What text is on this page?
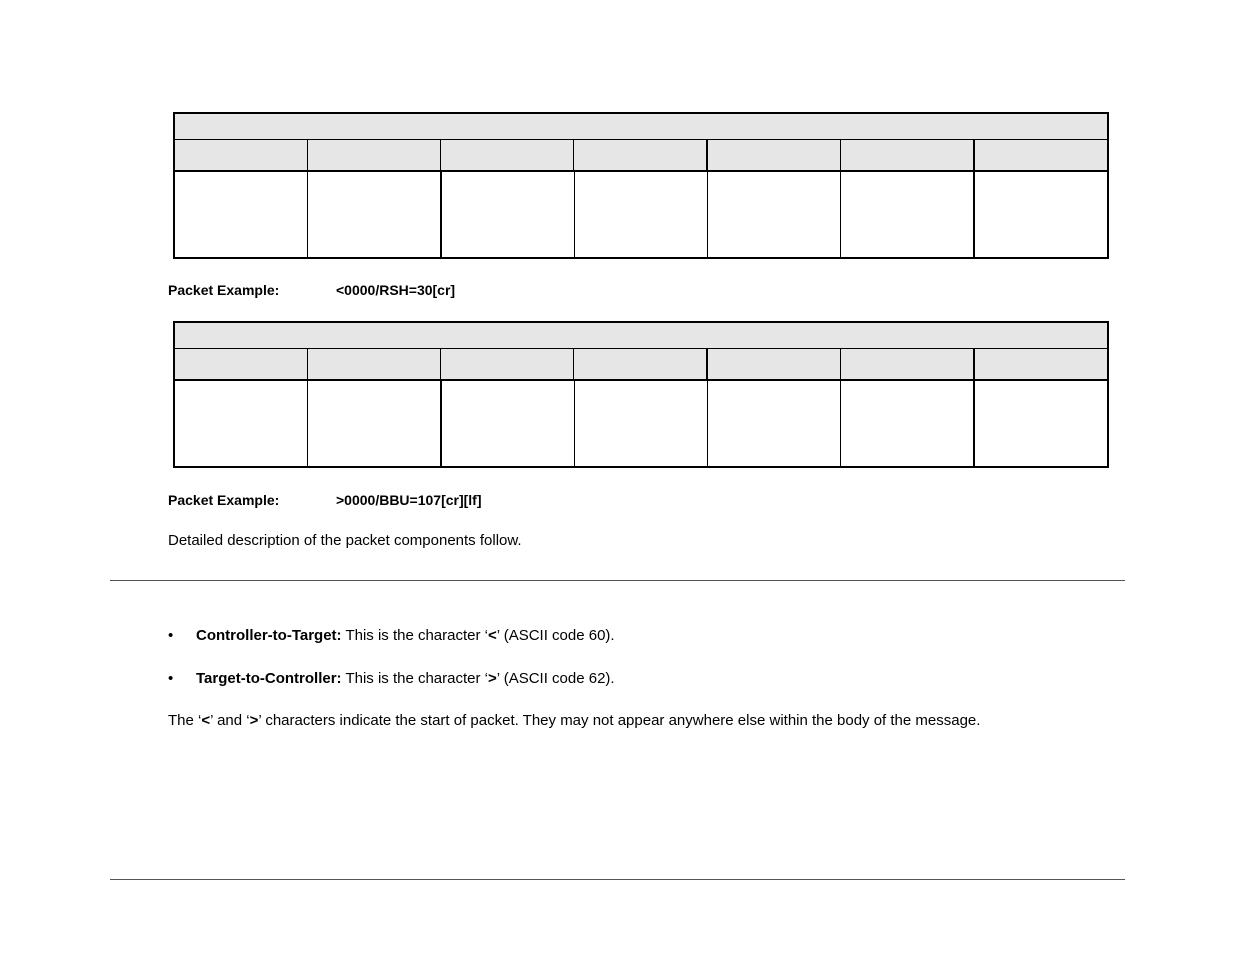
Packet Example:	<0000/RSH=30[cr]
Packet Example:	>0000/BBU=107[cr][lf]
Detailed description of the packet components follow.
• Controller-to-Target: This is the character ‘<’ (ASCII code 60).
• Target-to-Controller: This is the character ‘>’ (ASCII code 62).
The ‘<’ and ‘>’ characters indicate the start of packet. They may not appear anywhere else within the body of the message.
